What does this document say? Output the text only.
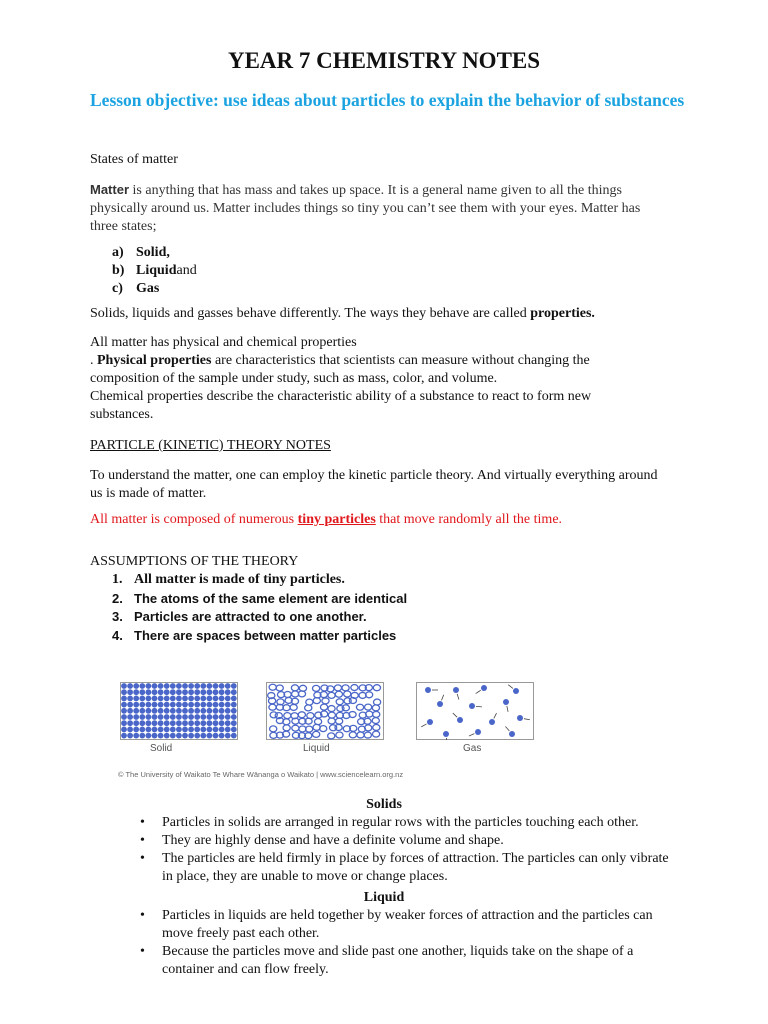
YEAR 7 CHEMISTRY NOTES
Lesson objective: use ideas about particles to explain the behavior of substances
States of matter
Matter is anything that has mass and takes up space. It is a general name given to all the things physically around us. Matter includes things so tiny you can’t see them with your eyes. Matter has three states;
a) Solid,
b) Liquid and
c) Gas
Solids, liquids and gasses behave differently. The ways they behave are called properties.
All matter has physical and chemical properties
. Physical properties are characteristics that scientists can measure without changing the composition of the sample under study, such as mass, color, and volume.
Chemical properties describe the characteristic ability of a substance to react to form new substances.
PARTICLE (KINETIC) THEORY NOTES
To understand the matter, one can employ the kinetic particle theory. And virtually everything around us is made of matter.
All matter is composed of numerous tiny particles that move randomly all the time.
ASSUMPTIONS OF THE THEORY
1. All matter is made of tiny particles.
2. The atoms of the same element are identical
3. Particles are attracted to one another.
4. There are spaces between matter particles
Solid	Liquid	Gas
© The University of Waikato Te Whare Wānanga o Waikato | www.sciencelearn.org.nz
Solids
• Particles in solids are arranged in regular rows with the particles touching each other.
• They are highly dense and have a definite volume and shape.
• The particles are held firmly in place by forces of attraction. The particles can only vibrate in place, they are unable to move or change places.
Liquid
• Particles in liquids are held together by weaker forces of attraction and the particles can move freely past each other.
• Because the particles move and slide past one another, liquids take on the shape of a container and can flow freely.
